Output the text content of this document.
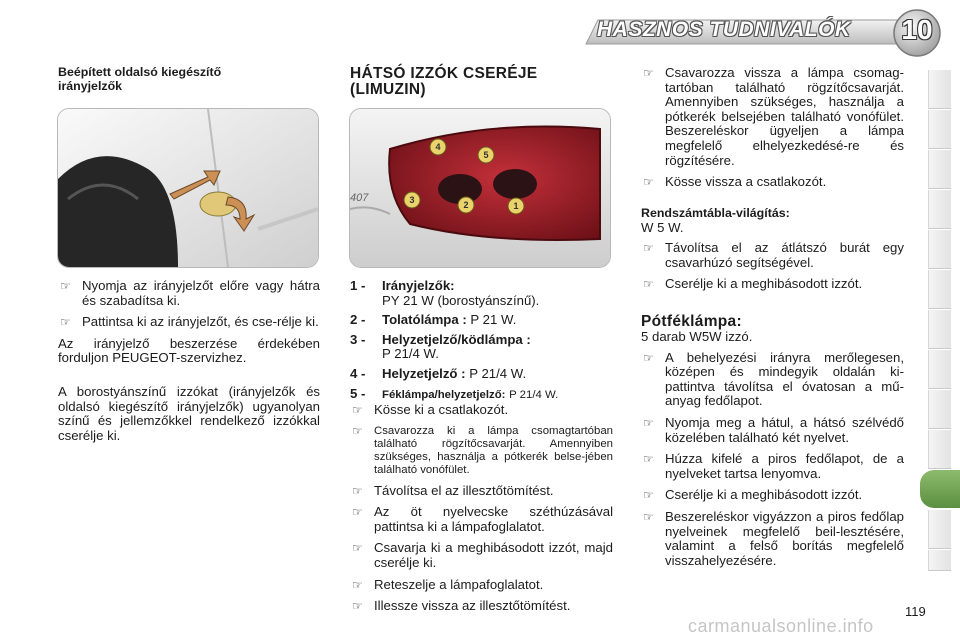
HASZNOS TUDNIVALÓK	10
Beépített oldalsó kiegészítő irányjelzők

☞ Nyomja az irányjelzőt előre vagy hátra és szabadítsa ki.

☞ Pattintsa ki az irányjelzőt, és cse-rélje ki.

Az irányjelző beszerzése érdekében forduljon PEUGEOT-szervizhez.

A borostyánszínű izzókat (irányjelzők és oldalsó kiegészítő irányjelzők) ugyanolyan színű és jellemzőkkel rendelkező izzókkal cserélje ki.

HÁTSÓ IZZÓK CSERÉJE (LIMUZIN)
407
1
2
3
4
5
1 - Irányjelzők:
PY 21 W (borostyánszínű).
2 - Tolatólámpa : P 21 W.
3 - Helyzetjelző/ködlámpa :
P 21/4 W.
4 - Helyzetjelző : P 21/4 W.
5 - Féklámpa/helyzetjelző: P 21/4 W.

☞ Kösse ki a csatlakozót.

☞ Csavarozza ki a lámpa csomagtartóban található rögzítőcsavarját. Amennyiben szükséges, használja a pótkerék belse-jében található vonófület.

☞ Távolítsa el az illesztőtömítést.

☞ Az öt nyelvecske széthúzásával pattintsa ki a lámpafoglalatot.

☞ Csavarja ki a meghibásodott izzót, majd cserélje ki.

☞ Reteszelje a lámpafoglalatot.

☞ Illessze vissza az illesztőtömítést.

☞ Csavarozza vissza a lámpa csomag-tartóban található rögzítőcsavarját. Amennyiben szükséges, használja a pótkerék belsejében található vonófület. Beszereléskor ügyeljen a lámpa megfelelő elhelyezkedésé-re és rögzítésére.

☞ Kösse vissza a csatlakozót.

Rendszámtábla-világítás:

W 5 W.

☞ Távolítsa el az átlátszó burát egy csavarhúzó segítségével.

☞ Cserélje ki a meghibásodott izzót.

Pótféklámpa:

5 darab W5W izzó.

☞ A behelyezési irányra merőlegesen, középen és mindegyik oldalán ki-pattintva távolítsa el óvatosan a mű-anyag fedőlapot.

☞ Nyomja meg a hátul, a hátsó szélvédő közelében található két nyelvet.

☞ Húzza kifelé a piros fedőlapot, de a nyelveket tartsa lenyomva.

☞ Cserélje ki a meghibásodott izzót.

☞ Beszereléskor vigyázzon a piros fedőlap nyelveinek megfelelő beil-lesztésére, valamint a felső borítás megfelelő visszahelyezésére.

119
carmanualsonline.info
